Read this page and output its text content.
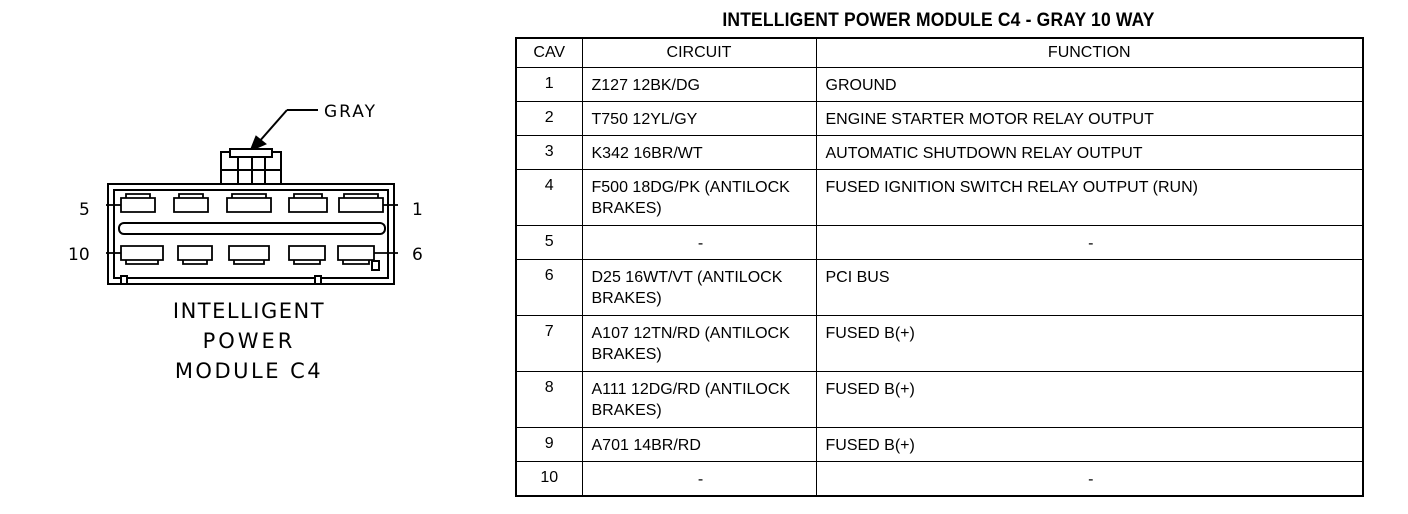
GRAY
5	1
10	6
INTELLIGENT
POWER
MODULE C4
INTELLIGENT POWER MODULE C4 - GRAY 10 WAY
CAV	CIRCUIT	FUNCTION
1	Z127 12BK/DG	GROUND
2	T750 12YL/GY	ENGINE STARTER MOTOR RELAY OUTPUT
3	K342 16BR/WT	AUTOMATIC SHUTDOWN RELAY OUTPUT
4	F500 18DG/PK (ANTILOCK BRAKES)	FUSED IGNITION SWITCH RELAY OUTPUT (RUN)
5	-	-
6	D25 16WT/VT (ANTILOCK BRAKES)	PCI BUS
7	A107 12TN/RD (ANTILOCK BRAKES)	FUSED B(+)
8	A111 12DG/RD (ANTILOCK BRAKES)	FUSED B(+)
9	A701 14BR/RD	FUSED B(+)
10	-	-
